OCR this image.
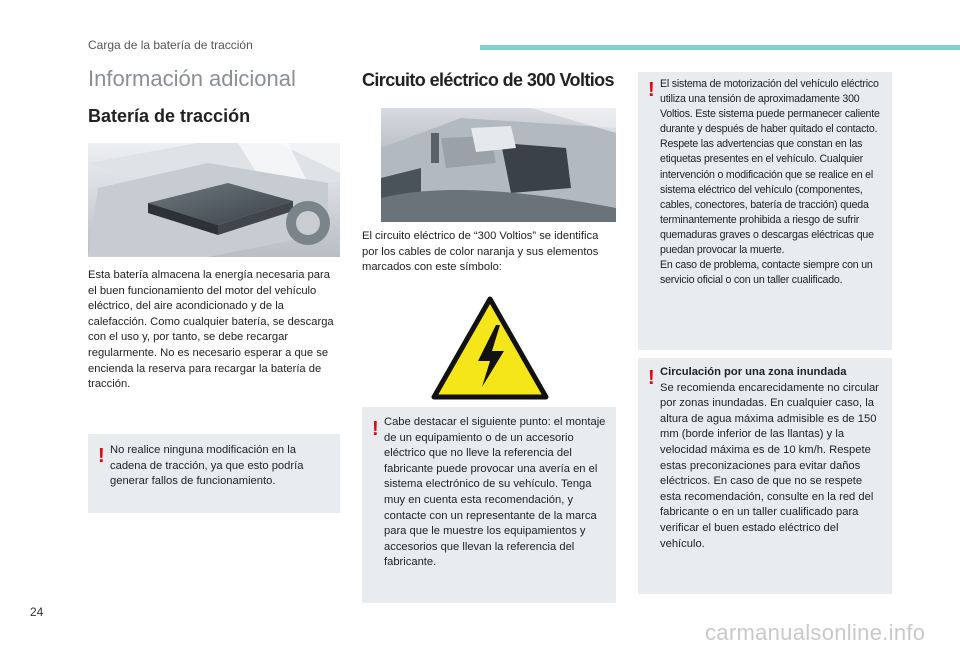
Carga de la batería de tracción
Información adicional
Batería de tracción

Esta batería almacena la energía necesaria para el buen funcionamiento del motor del vehículo eléctrico, del aire acondicionado y de la calefacción. Como cualquier batería, se descarga con el uso y, por tanto, se debe recargar regularmente. No es necesario esperar a que se encienda la reserva para recargar la batería de tracción.

! No realice ninguna modificación en la cadena de tracción, ya que esto podría generar fallos de funcionamiento.
Circuito eléctrico de 300 Voltios

El circuito eléctrico de “300 Voltios” se identifica por los cables de color naranja y sus elementos marcados con este símbolo:

! Cabe destacar el siguiente punto: el montaje de un equipamiento o de un accesorio eléctrico que no lleve la referencia del fabricante puede provocar una avería en el sistema electrónico de su vehículo. Tenga muy en cuenta esta recomendación, y contacte con un representante de la marca para que le muestre los equipamientos y accesorios que llevan la referencia del fabricante.
! El sistema de motorización del vehículo eléctrico utiliza una tensión de aproximadamente 300 Voltios. Este sistema puede permanecer caliente durante y después de haber quitado el contacto. Respete las advertencias que constan en las etiquetas presentes en el vehículo. Cualquier intervención o modificación que se realice en el sistema eléctrico del vehículo (componentes, cables, conectores, batería de tracción) queda terminantemente prohibida a riesgo de sufrir quemaduras graves o descargas eléctricas que puedan provocar la muerte.
En caso de problema, contacte siempre con un servicio oficial o con un taller cualificado.
! Circulación por una zona inundada
Se recomienda encarecidamente no circular por zonas inundadas. En cualquier caso, la altura de agua máxima admisible es de 150 mm (borde inferior de las llantas) y la velocidad máxima es de 10 km/h. Respete estas preconizaciones para evitar daños eléctricos. En caso de que no se respete esta recomendación, consulte en la red del fabricante o en un taller cualificado para verificar el buen estado eléctrico del vehículo.
24
carmanualsonline.info
